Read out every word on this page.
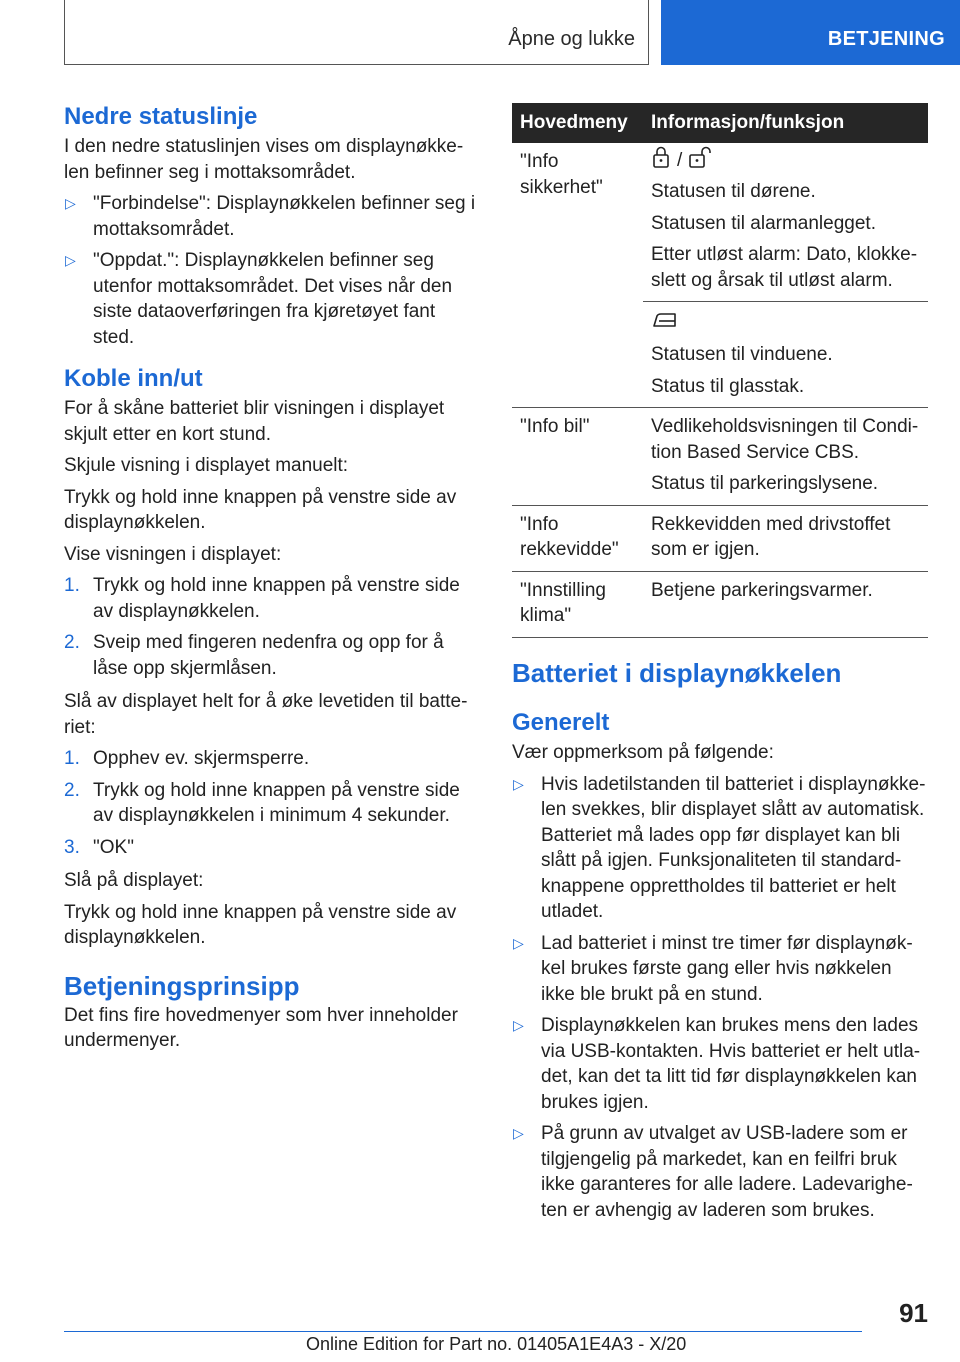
Åpne og lukke	BETJENING
Nedre statuslinje

I den nedre statuslinjen vises om displaynøkke-len befinner seg i mottaksområdet.

▷ "Forbindelse": Displaynøkkelen befinner seg i mottaksområdet.
▷ "Oppdat.": Displaynøkkelen befinner seg utenfor mottaksområdet. Det vises når den siste dataoverføringen fra kjøretøyet fant sted.
Koble inn/ut

For å skåne batteriet blir visningen i displayet skjult etter en kort stund.

Skjule visning i displayet manuelt:

Trykk og hold inne knappen på venstre side av displaynøkkelen.

Vise visningen i displayet:

1. Trykk og hold inne knappen på venstre side av displaynøkkelen.
2. Sveip med fingeren nedenfra og opp for å låse opp skjermlåsen.

Slå av displayet helt for å øke levetiden til batte-riet:

1. Opphev ev. skjermsperre.
2. Trykk og hold inne knappen på venstre side av displaynøkkelen i minimum 4 sekunder.
3. "OK"

Slå på displayet:

Trykk og hold inne knappen på venstre side av displaynøkkelen.

Betjeningsprinsipp

Det fins fire hovedmenyer som hver inneholder undermenyer.

Hovedmeny	Informasjon/funksjon
"Info sikkerhet"	/

Statusen til dørene.

Statusen til alarmanlegget.

Etter utløst alarm: Dato, klokke-slett og årsak til utløst alarm.

	Statusen til vinduene.

Status til glasstak.

"Info bil"	Vedlikeholdsvisningen til Condi-tion Based Service CBS.

Status til parkeringslysene.

"Info rekkevidde"	Rekkevidden med drivstoffet som er igjen.
"Innstilling klima"	Betjene parkeringsvarmer.
Batteriet i displaynøkkelen
Generelt

Vær oppmerksom på følgende:

▷ Hvis ladetilstanden til batteriet i displaynøkke-len svekkes, blir displayet slått av automatisk. Batteriet må lades opp før displayet kan bli slått på igjen. Funksjonaliteten til standard-knappene opprettholdes til batteriet er helt utladet.
▷ Lad batteriet i minst tre timer før displaynøk-kel brukes første gang eller hvis nøkkelen ikke ble brukt på en stund.
▷ Displaynøkkelen kan brukes mens den lades via USB-kontakten. Hvis batteriet er helt utla-det, kan det ta litt tid før displaynøkkelen kan brukes igjen.
▷ På grunn av utvalget av USB-ladere som er tilgjengelig på markedet, kan en feilfri bruk ikke garanteres for alle ladere. Ladevarighe-ten er avhengig av laderen som brukes.
91
Online Edition for Part no. 01405A1E4A3 - X/20
